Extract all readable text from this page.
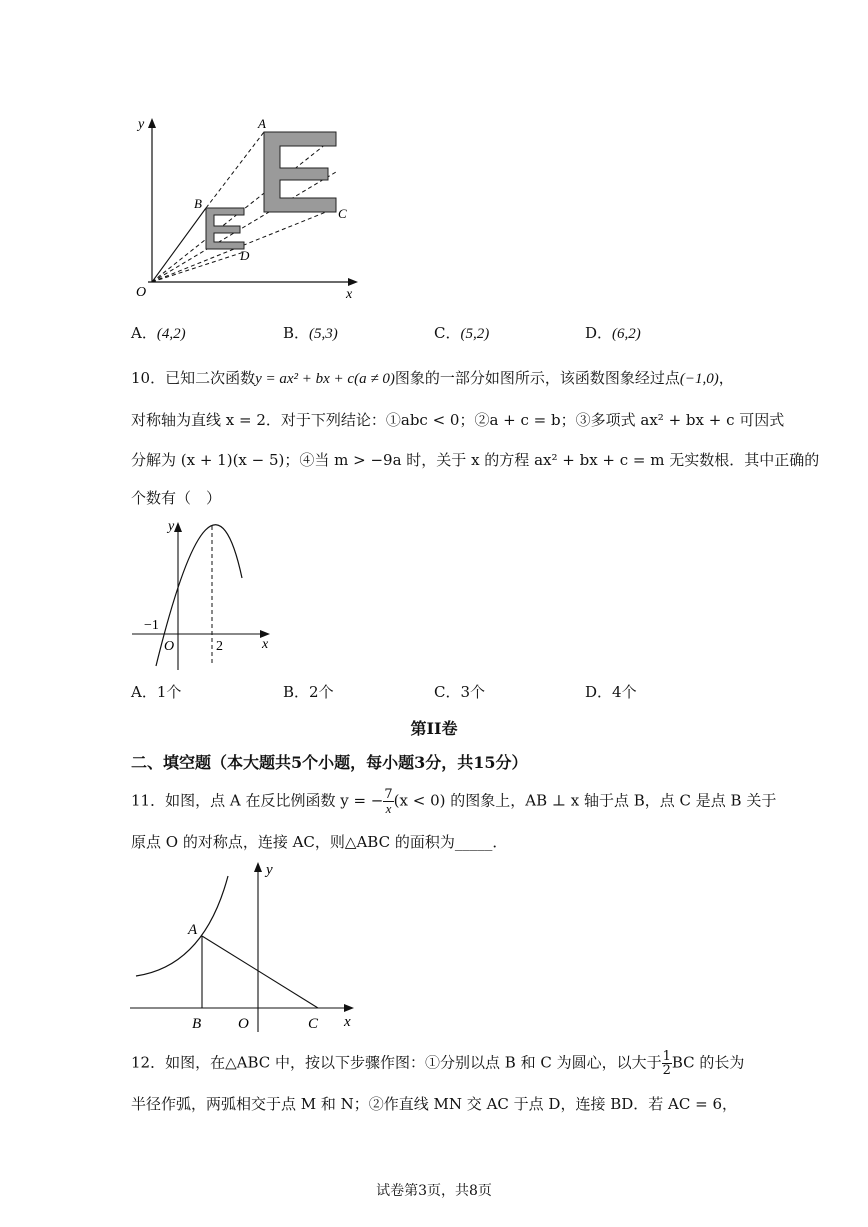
y
x
O
A
B
C
D
A．(4,2)	B．(5,3)	C．(5,2)	D．(6,2)
10．已知二次函数y = ax² + bx + c(a ≠ 0)图象的一部分如图所示，该函数图象经过点(−1,0)，
对称轴为直线 x = 2．对于下列结论：①abc < 0；②a + c = b；③多项式 ax² + bx + c 可因式
分解为 (x + 1)(x − 5)；④当 m > −9a 时，关于 x 的方程 ax² + bx + c = m 无实数根．其中正确的
个数有（　）
y
x
O
−1
2
A．1个	B．2个	C．3个	D．4个
第II卷
二、填空题（本大题共5个小题，每小题3分，共15分）
11．如图，点 A 在反比例函数 y = − $\frac{7}{x} (x < 0)$ 的图象上，AB ⊥ x 轴于点 B，点 C 是点 B 关于
原点 O 的对称点，连接 AC，则△ABC 的面积为_____．
y
x
A
B O	C
12．如图，在△ABC 中，按以下步骤作图：①分别以点 B 和 C 为圆心，以大于 $\frac{1}{2}$ BC 的长为
半径作弧，两弧相交于点 M 和 N；②作直线 MN 交 AC 于点 D，连接 BD．若 AC = 6，
试卷第3页，共8页
